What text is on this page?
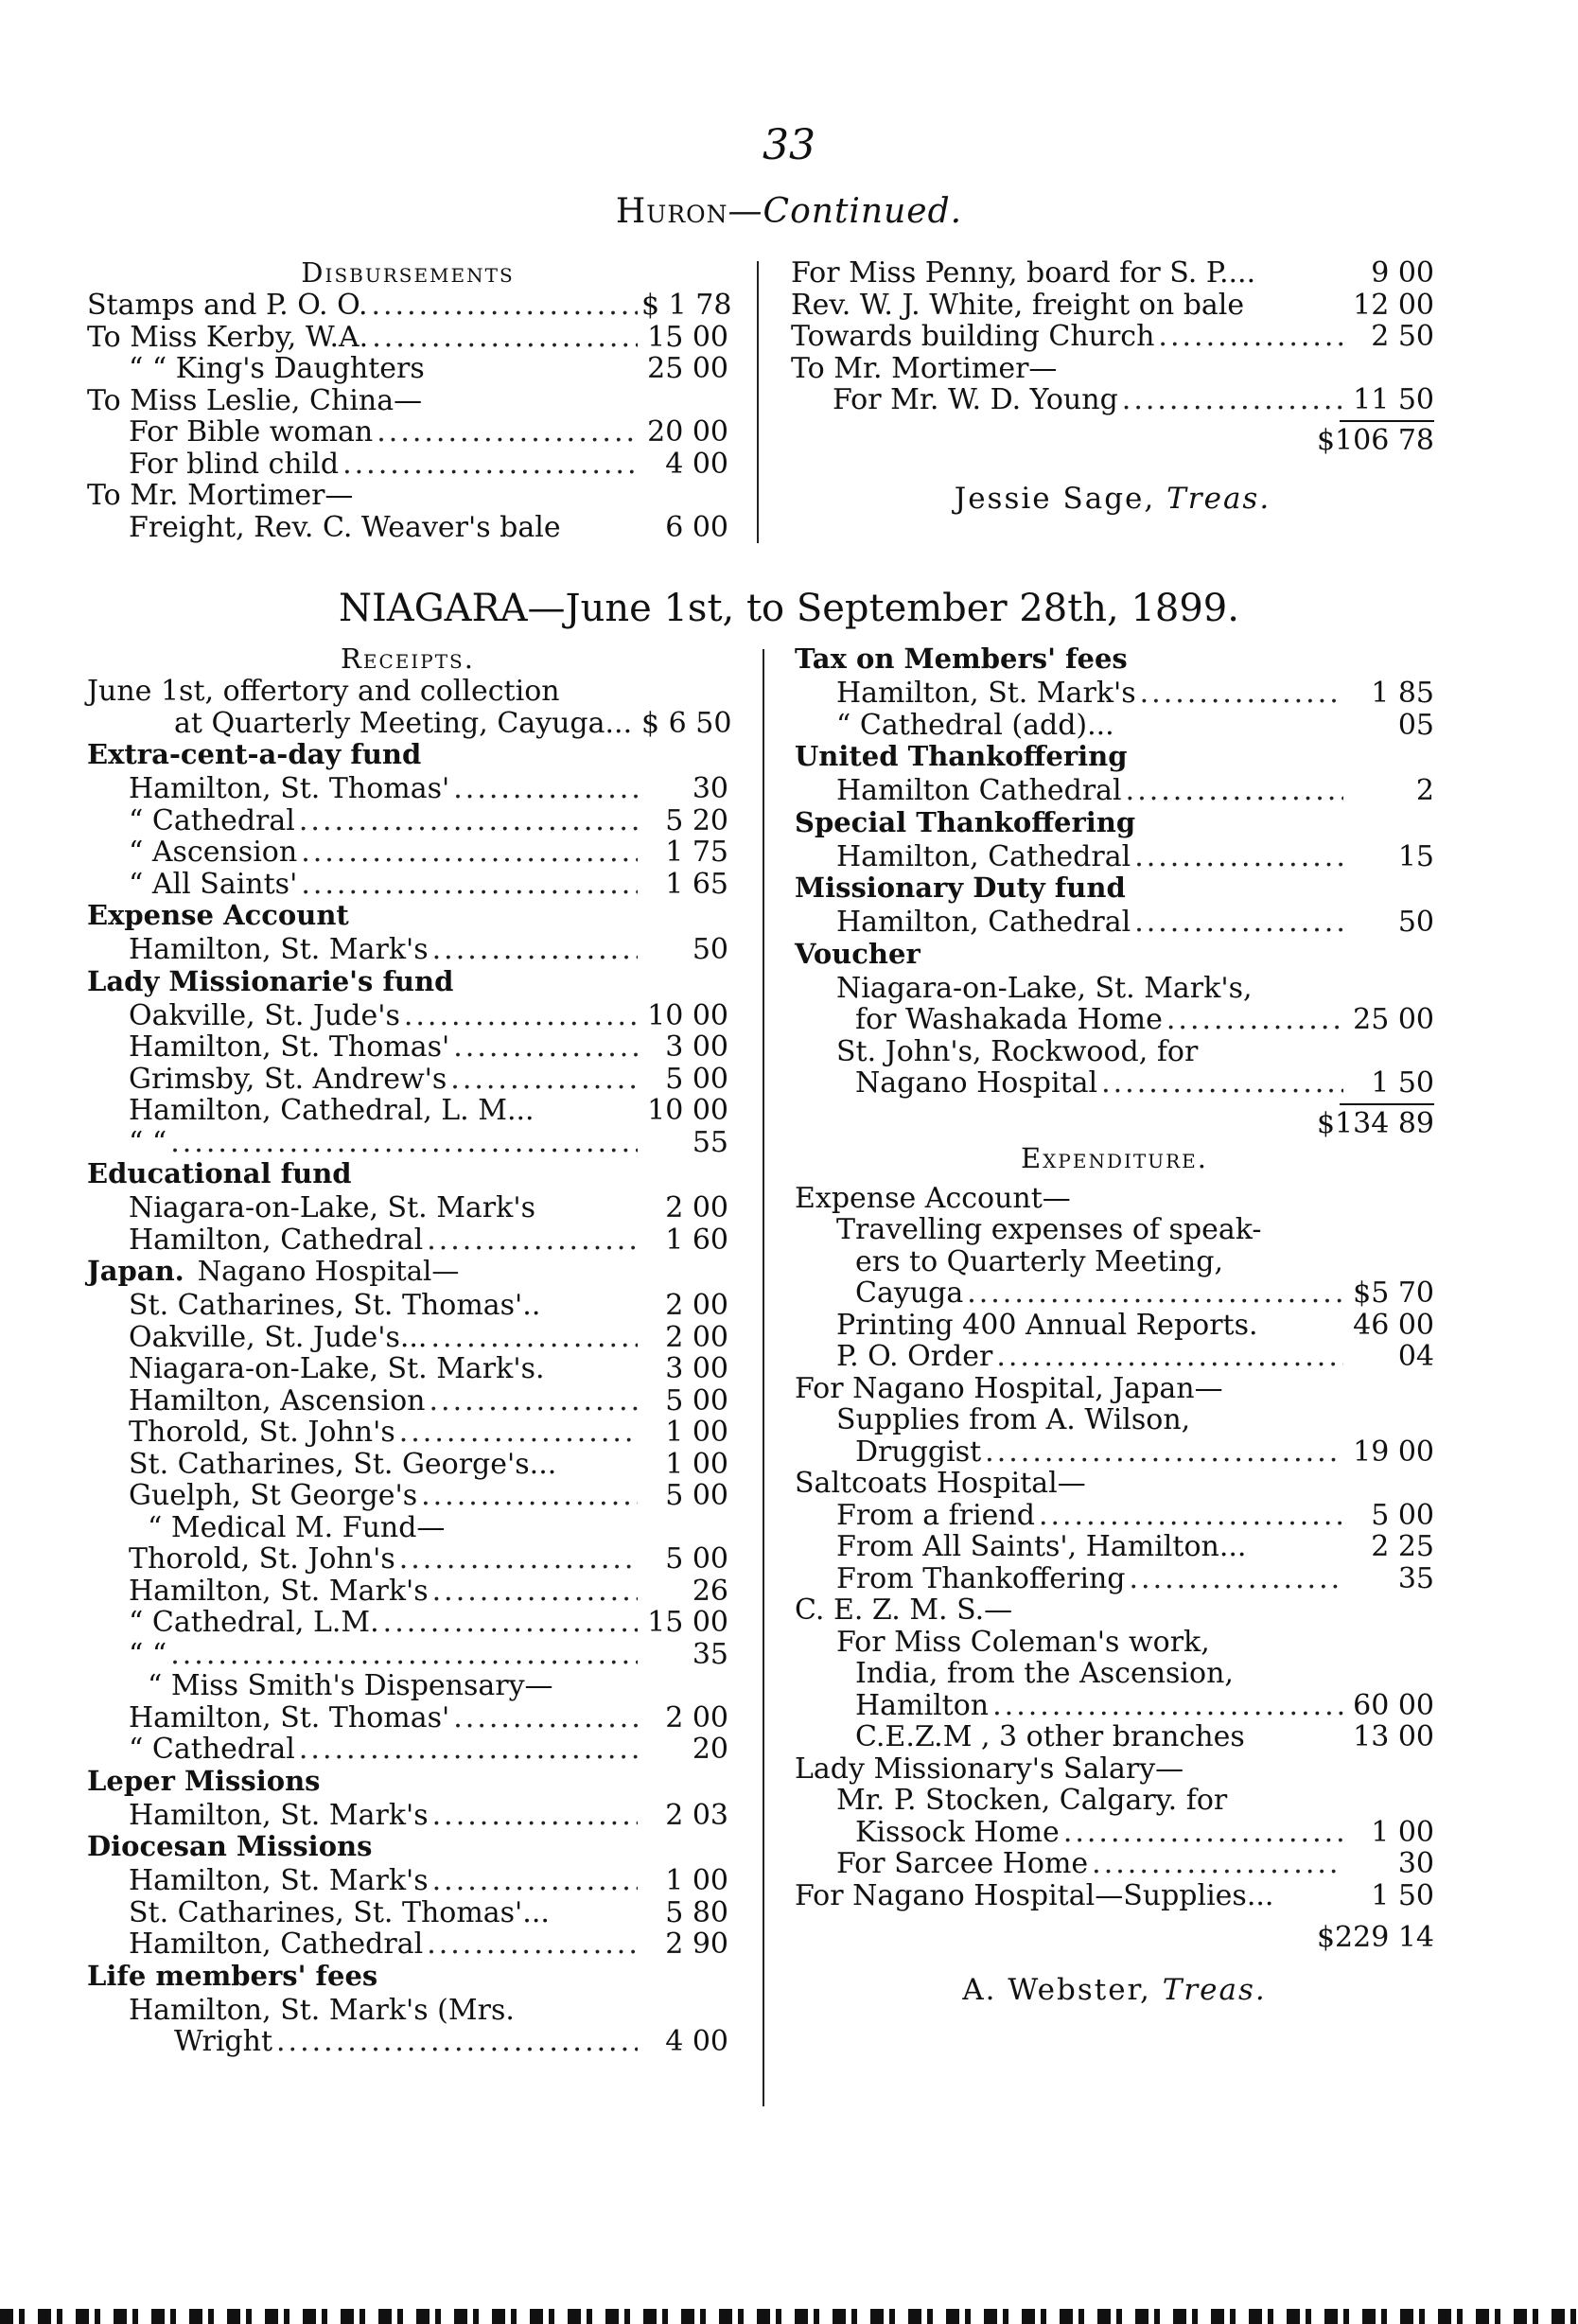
33
Huron—Continued.
Disbursements
Stamps and P. O. O. .....	$ 1 78
To Miss Kerby, W.A. .....	15 00
“ “ King's Daughters	25 00
To Miss Leslie, China—
For Bible woman .....	20 00
For blind child .....	4 00
To Mr. Mortimer—
Freight, Rev. C. Weaver's bale	6 00
For Miss Penny, board for S. P....	9 00
Rev. W. J. White, freight on bale	12 00
Towards building Church .....	2 50
To Mr. Mortimer—
For Mr. W. D. Young .....	11 50
$106 78
Jessie Sage, Treas.
NIAGARA—June 1st, to September 28th, 1899.
Receipts.
June 1st, offertory and collection
at Quarterly Meeting, Cayuga... $ 6 50
Extra-cent-a-day fund
Hamilton, St. Thomas' .....	30
“ Cathedral .....	5 20
“ Ascension .....	1 75
“ All Saints' .....	1 65
Expense Account
Hamilton, St. Mark's .....	50
Lady Missionarie's fund
Oakville, St. Jude's .....	10 00
Hamilton, St. Thomas' .....	3 00
Grimsby, St. Andrew's .....	5 00
Hamilton, Cathedral, L. M...	10 00
“ “ .....	55
Educational fund
Niagara-on-Lake, St. Mark's	2 00
Hamilton, Cathedral .....	1 60
Japan. Nagano Hospital—
St. Catharines, St. Thomas'..	2 00
Oakville, St. Jude's... .....	2 00
Niagara-on-Lake, St. Mark's.	3 00
Hamilton, Ascension .....	5 00
Thorold, St. John's .....	1 00
St. Catharines, St. George's...	1 00
Guelph, St George's .....	5 00
“ Medical M. Fund—
Thorold, St. John's .....	5 00
Hamilton, St. Mark's .....	26
“ Cathedral, L.M. .....	15 00
“ “ .....	35
“ Miss Smith's Dispensary—
Hamilton, St. Thomas' .....	2 00
“ Cathedral .....	20
Leper Missions
Hamilton, St. Mark's .....	2 03
Diocesan Missions
Hamilton, St. Mark's .....	1 00
St. Catharines, St. Thomas'...	5 80
Hamilton, Cathedral .....	2 90
Life members' fees
Hamilton, St. Mark's (Mrs.
Wright .....	4 00
Tax on Members' fees
Hamilton, St. Mark's .....	1 85
“ Cathedral (add)...	05
United Thankoffering
Hamilton Cathedral .....	2
Special Thankoffering
Hamilton, Cathedral .....	15
Missionary Duty fund
Hamilton, Cathedral .....	50
Voucher
Niagara-on-Lake, St. Mark's,
for Washakada Home .....	25 00
St. John's, Rockwood, for
Nagano Hospital .....	1 50
$134 89
Expenditure.
Expense Account—
Travelling expenses of speak-
ers to Quarterly Meeting,
Cayuga .....	$5 70
Printing 400 Annual Reports.	46 00
P. O. Order .....	04
For Nagano Hospital, Japan—
Supplies from A. Wilson,
Druggist .....	19 00
Saltcoats Hospital—
From a friend .....	5 00
From All Saints', Hamilton...	2 25
From Thankoffering .....	35
C. E. Z. M. S.—
For Miss Coleman's work,
India, from the Ascension,
Hamilton .....	60 00
C.E.Z.M , 3 other branches	13 00
Lady Missionary's Salary—
Mr. P. Stocken, Calgary. for
Kissock Home .....	1 00
For Sarcee Home .....	30
For Nagano Hospital—Supplies...	1 50
$229 14
A. Webster, Treas.
